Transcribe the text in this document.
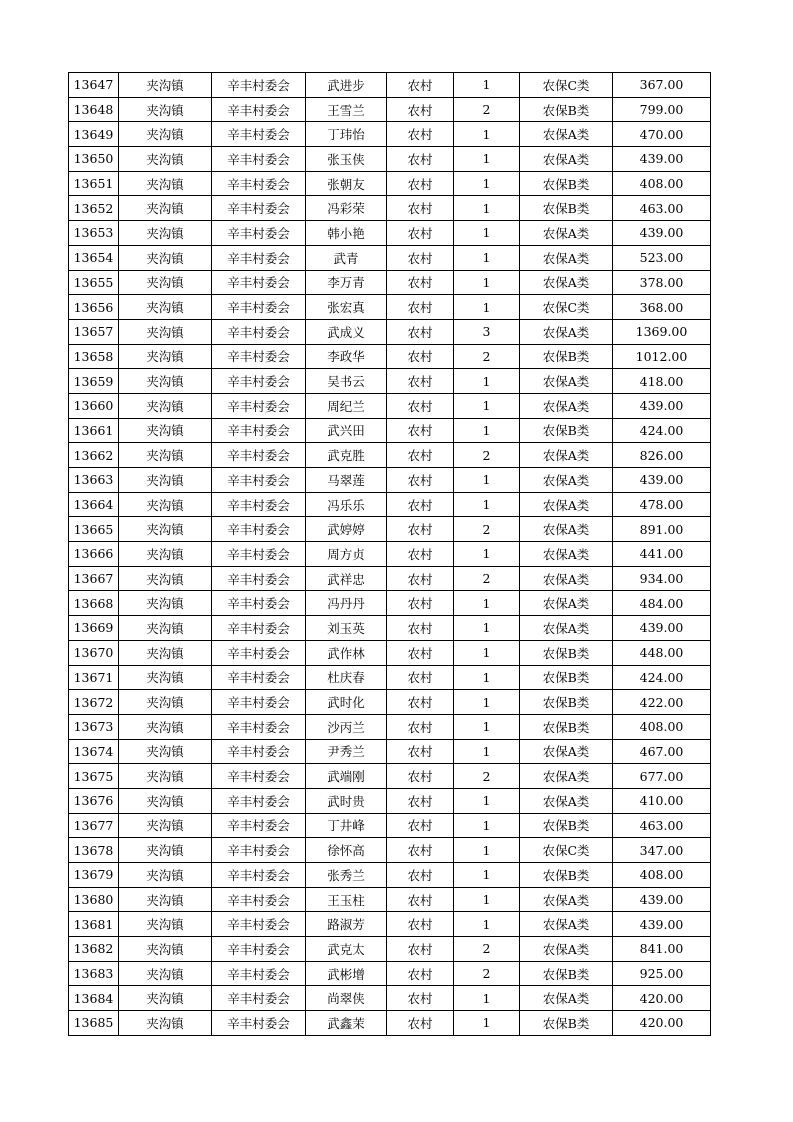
13647	夹沟镇	辛丰村委会	武进步	农村	1	农保C类	367.00
13648	夹沟镇	辛丰村委会	王雪兰	农村	2	农保B类	799.00
13649	夹沟镇	辛丰村委会	丁玮怡	农村	1	农保A类	470.00
13650	夹沟镇	辛丰村委会	张玉侠	农村	1	农保A类	439.00
13651	夹沟镇	辛丰村委会	张朝友	农村	1	农保B类	408.00
13652	夹沟镇	辛丰村委会	冯彩荣	农村	1	农保B类	463.00
13653	夹沟镇	辛丰村委会	韩小艳	农村	1	农保A类	439.00
13654	夹沟镇	辛丰村委会	武青	农村	1	农保A类	523.00
13655	夹沟镇	辛丰村委会	李万青	农村	1	农保A类	378.00
13656	夹沟镇	辛丰村委会	张宏真	农村	1	农保C类	368.00
13657	夹沟镇	辛丰村委会	武成义	农村	3	农保A类	1369.00
13658	夹沟镇	辛丰村委会	李政华	农村	2	农保B类	1012.00
13659	夹沟镇	辛丰村委会	吴书云	农村	1	农保A类	418.00
13660	夹沟镇	辛丰村委会	周纪兰	农村	1	农保A类	439.00
13661	夹沟镇	辛丰村委会	武兴田	农村	1	农保B类	424.00
13662	夹沟镇	辛丰村委会	武克胜	农村	2	农保A类	826.00
13663	夹沟镇	辛丰村委会	马翠莲	农村	1	农保A类	439.00
13664	夹沟镇	辛丰村委会	冯乐乐	农村	1	农保A类	478.00
13665	夹沟镇	辛丰村委会	武婷婷	农村	2	农保A类	891.00
13666	夹沟镇	辛丰村委会	周方贞	农村	1	农保A类	441.00
13667	夹沟镇	辛丰村委会	武祥忠	农村	2	农保A类	934.00
13668	夹沟镇	辛丰村委会	冯丹丹	农村	1	农保A类	484.00
13669	夹沟镇	辛丰村委会	刘玉英	农村	1	农保A类	439.00
13670	夹沟镇	辛丰村委会	武作林	农村	1	农保B类	448.00
13671	夹沟镇	辛丰村委会	杜庆春	农村	1	农保B类	424.00
13672	夹沟镇	辛丰村委会	武时化	农村	1	农保B类	422.00
13673	夹沟镇	辛丰村委会	沙丙兰	农村	1	农保B类	408.00
13674	夹沟镇	辛丰村委会	尹秀兰	农村	1	农保A类	467.00
13675	夹沟镇	辛丰村委会	武端刚	农村	2	农保A类	677.00
13676	夹沟镇	辛丰村委会	武时贵	农村	1	农保A类	410.00
13677	夹沟镇	辛丰村委会	丁井峰	农村	1	农保B类	463.00
13678	夹沟镇	辛丰村委会	徐怀高	农村	1	农保C类	347.00
13679	夹沟镇	辛丰村委会	张秀兰	农村	1	农保B类	408.00
13680	夹沟镇	辛丰村委会	王玉柱	农村	1	农保A类	439.00
13681	夹沟镇	辛丰村委会	路淑芳	农村	1	农保A类	439.00
13682	夹沟镇	辛丰村委会	武克太	农村	2	农保A类	841.00
13683	夹沟镇	辛丰村委会	武彬增	农村	2	农保B类	925.00
13684	夹沟镇	辛丰村委会	尚翠侠	农村	1	农保A类	420.00
13685	夹沟镇	辛丰村委会	武鑫茉	农村	1	农保B类	420.00
